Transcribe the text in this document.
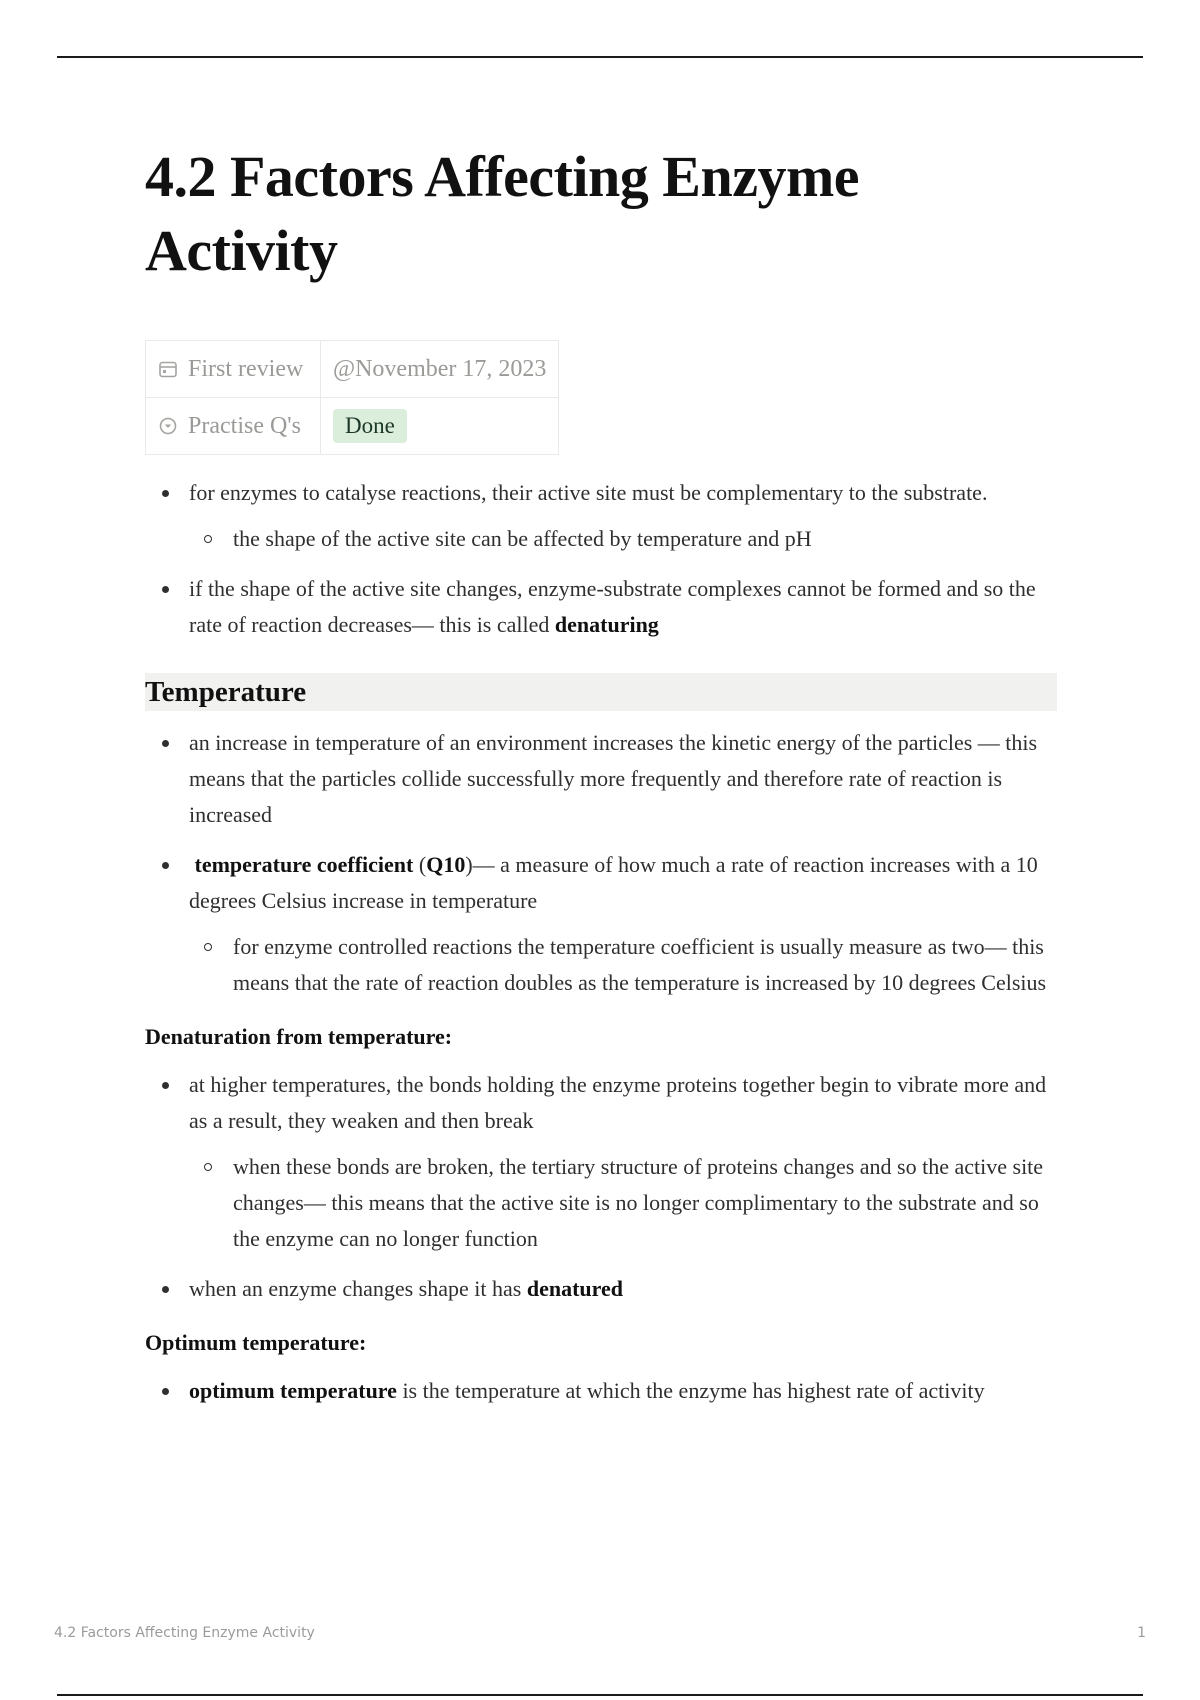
4.2 Factors Affecting Enzyme Activity
First review	@November 17, 2023
Practise Q's	Done
for enzymes to catalyse reactions, their active site must be complementary to the substrate.
the shape of the active site can be affected by temperature and pH
if the shape of the active site changes, enzyme-substrate complexes cannot be formed and so the rate of reaction decreases— this is called denaturing
Temperature
an increase in temperature of an environment increases the kinetic energy of the particles — this means that the particles collide successfully more frequently and therefore rate of reaction is increased
temperature coefficient (Q10)— a measure of how much a rate of reaction increases with a 10 degrees Celsius increase in temperature
for enzyme controlled reactions the temperature coefficient is usually measure as two— this means that the rate of reaction doubles as the temperature is increased by 10 degrees Celsius
Denaturation from temperature:
at higher temperatures, the bonds holding the enzyme proteins together begin to vibrate more and as a result, they weaken and then break
when these bonds are broken, the tertiary structure of proteins changes and so the active site changes— this means that the active site is no longer complimentary to the substrate and so the enzyme can no longer function
when an enzyme changes shape it has denatured
Optimum temperature:
optimum temperature is the temperature at which the enzyme has highest rate of activity
4.2 Factors Affecting Enzyme Activity	1
